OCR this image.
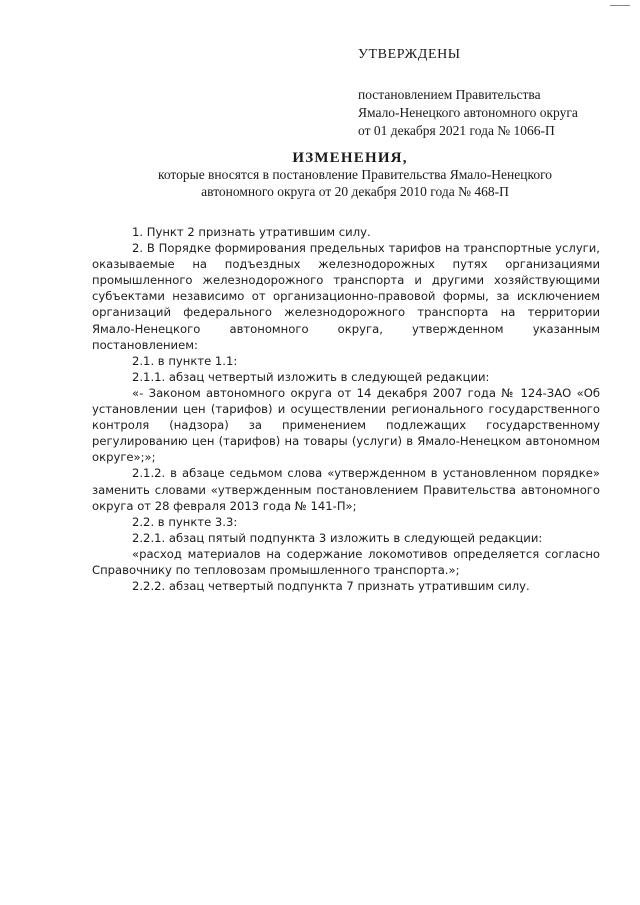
УТВЕРЖДЕНЫ
постановлением Правительства
Ямало-Ненецкого автономного округа
от 01 декабря 2021 года № 1066-П
ИЗМЕНЕНИЯ,
которые вносятся в постановление Правительства Ямало-Ненецкого
автономного округа от 20 декабря 2010 года № 468-П

1. Пункт 2 признать утратившим силу.

2. В Порядке формирования предельных тарифов на транспортные услуги, оказываемые на подъездных железнодорожных путях организациями промышленного железнодорожного транспорта и другими хозяйствующими субъектами независимо от организационно-правовой формы, за исключением организаций федерального железнодорожного транспорта на территории Ямало-Ненецкого автономного округа, утвержденном указанным постановлением:

2.1. в пункте 1.1:

2.1.1. абзац четвертый изложить в следующей редакции:

«- Законом автономного округа от 14 декабря 2007 года № 124-ЗАО «Об установлении цен (тарифов) и осуществлении регионального государственного контроля (надзора) за применением подлежащих государственному регулированию цен (тарифов) на товары (услуги) в Ямало-Ненецком автономном округе»;»;

2.1.2. в абзаце седьмом слова «утвержденном в установленном порядке» заменить словами «утвержденным постановлением Правительства автономного округа от 28 февраля 2013 года № 141-П»;

2.2. в пункте 3.3:

2.2.1. абзац пятый подпункта 3 изложить в следующей редакции:

«расход материалов на содержание локомотивов определяется согласно Справочнику по тепловозам промышленного транспорта.»;

2.2.2. абзац четвертый подпункта 7 признать утратившим силу.
